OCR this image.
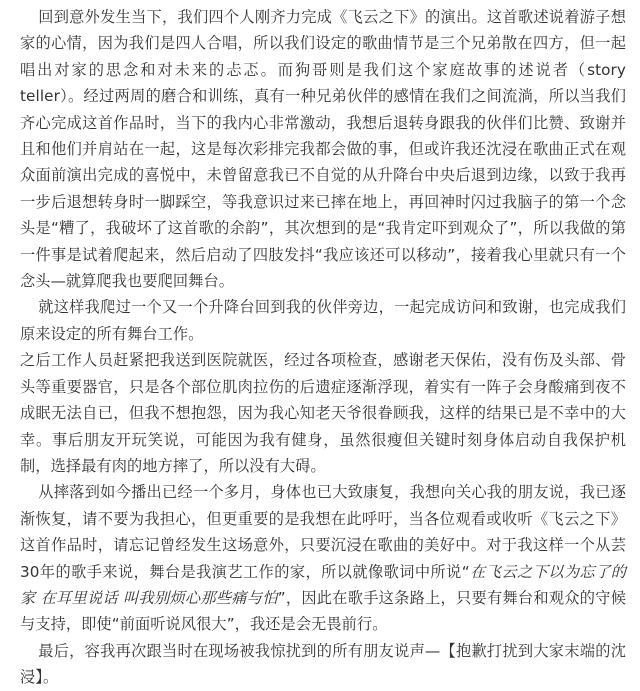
回到意外发生当下，我们四个人刚齐力完成《飞云之下》的演出。这首歌述说着游子想家的心情，因为我们是四人合唱，所以我们设定的歌曲情节是三个兄弟散在四方，但一起唱出对家的思念和对未来的忐忑。而狗哥则是我们这个家庭故事的述说者（story teller）。经过两周的磨合和训练，真有一种兄弟伙伴的感情在我们之间流淌，所以当我们齐心完成这首作品时，当下的我内心非常激动，我想后退转身跟我的伙伴们比赞、致谢并且和他们并肩站在一起，这是每次彩排完我都会做的事，但或许我还沈浸在歌曲正式在观众面前演出完成的喜悦中，未曾留意我已不自觉的从升降台中央后退到边缘，以致于我再一步后退想转身时一脚踩空，等我意识过来已摔在地上，再回神时闪过我脑子的第一个念头是“糟了，我破坏了这首歌的余韵”，其次想到的是“我肯定吓到观众了”，所以我做的第一件事是试着爬起来，然后启动了四肢发抖“我应该还可以移动”，接着我心里就只有一个念头—就算爬我也要爬回舞台。

就这样我爬过一个又一个升降台回到我的伙伴旁边，一起完成访问和致谢，也完成我们原来设定的所有舞台工作。

之后工作人员赶紧把我送到医院就医，经过各项检查，感谢老天保佑，没有伤及头部、骨头等重要器官，只是各个部位肌肉拉伤的后遗症逐渐浮现，着实有一阵子会身酸痛到夜不成眠无法自已，但我不想抱怨，因为我心知老天爷很眷顾我，这样的结果已是不幸中的大幸。事后朋友开玩笑说，可能因为我有健身，虽然很瘦但关键时刻身体启动自我保护机制，选择最有肉的地方摔了，所以没有大碍。

从摔落到如今播出已经一个多月，身体也已大致康复，我想向关心我的朋友说，我已逐渐恢复，请不要为我担心，但更重要的是我想在此呼吁，当各位观看或收听《飞云之下》这首作品时，请忘记曾经发生这场意外，只要沉浸在歌曲的美好中。对于我这样一个从芸30年的歌手来说，舞台是我演艺工作的家，所以就像歌词中所说“在飞云之下以为忘了的家 在耳里说话 叫我别烦心那些痛与怕”，因此在歌手这条路上，只要有舞台和观众的守候与支持，即使“前面听说风很大”，我还是会无畏前行。

最后，容我再次跟当时在现场被我惊扰到的所有朋友说声—【抱歉打扰到大家末端的沈浸】。
